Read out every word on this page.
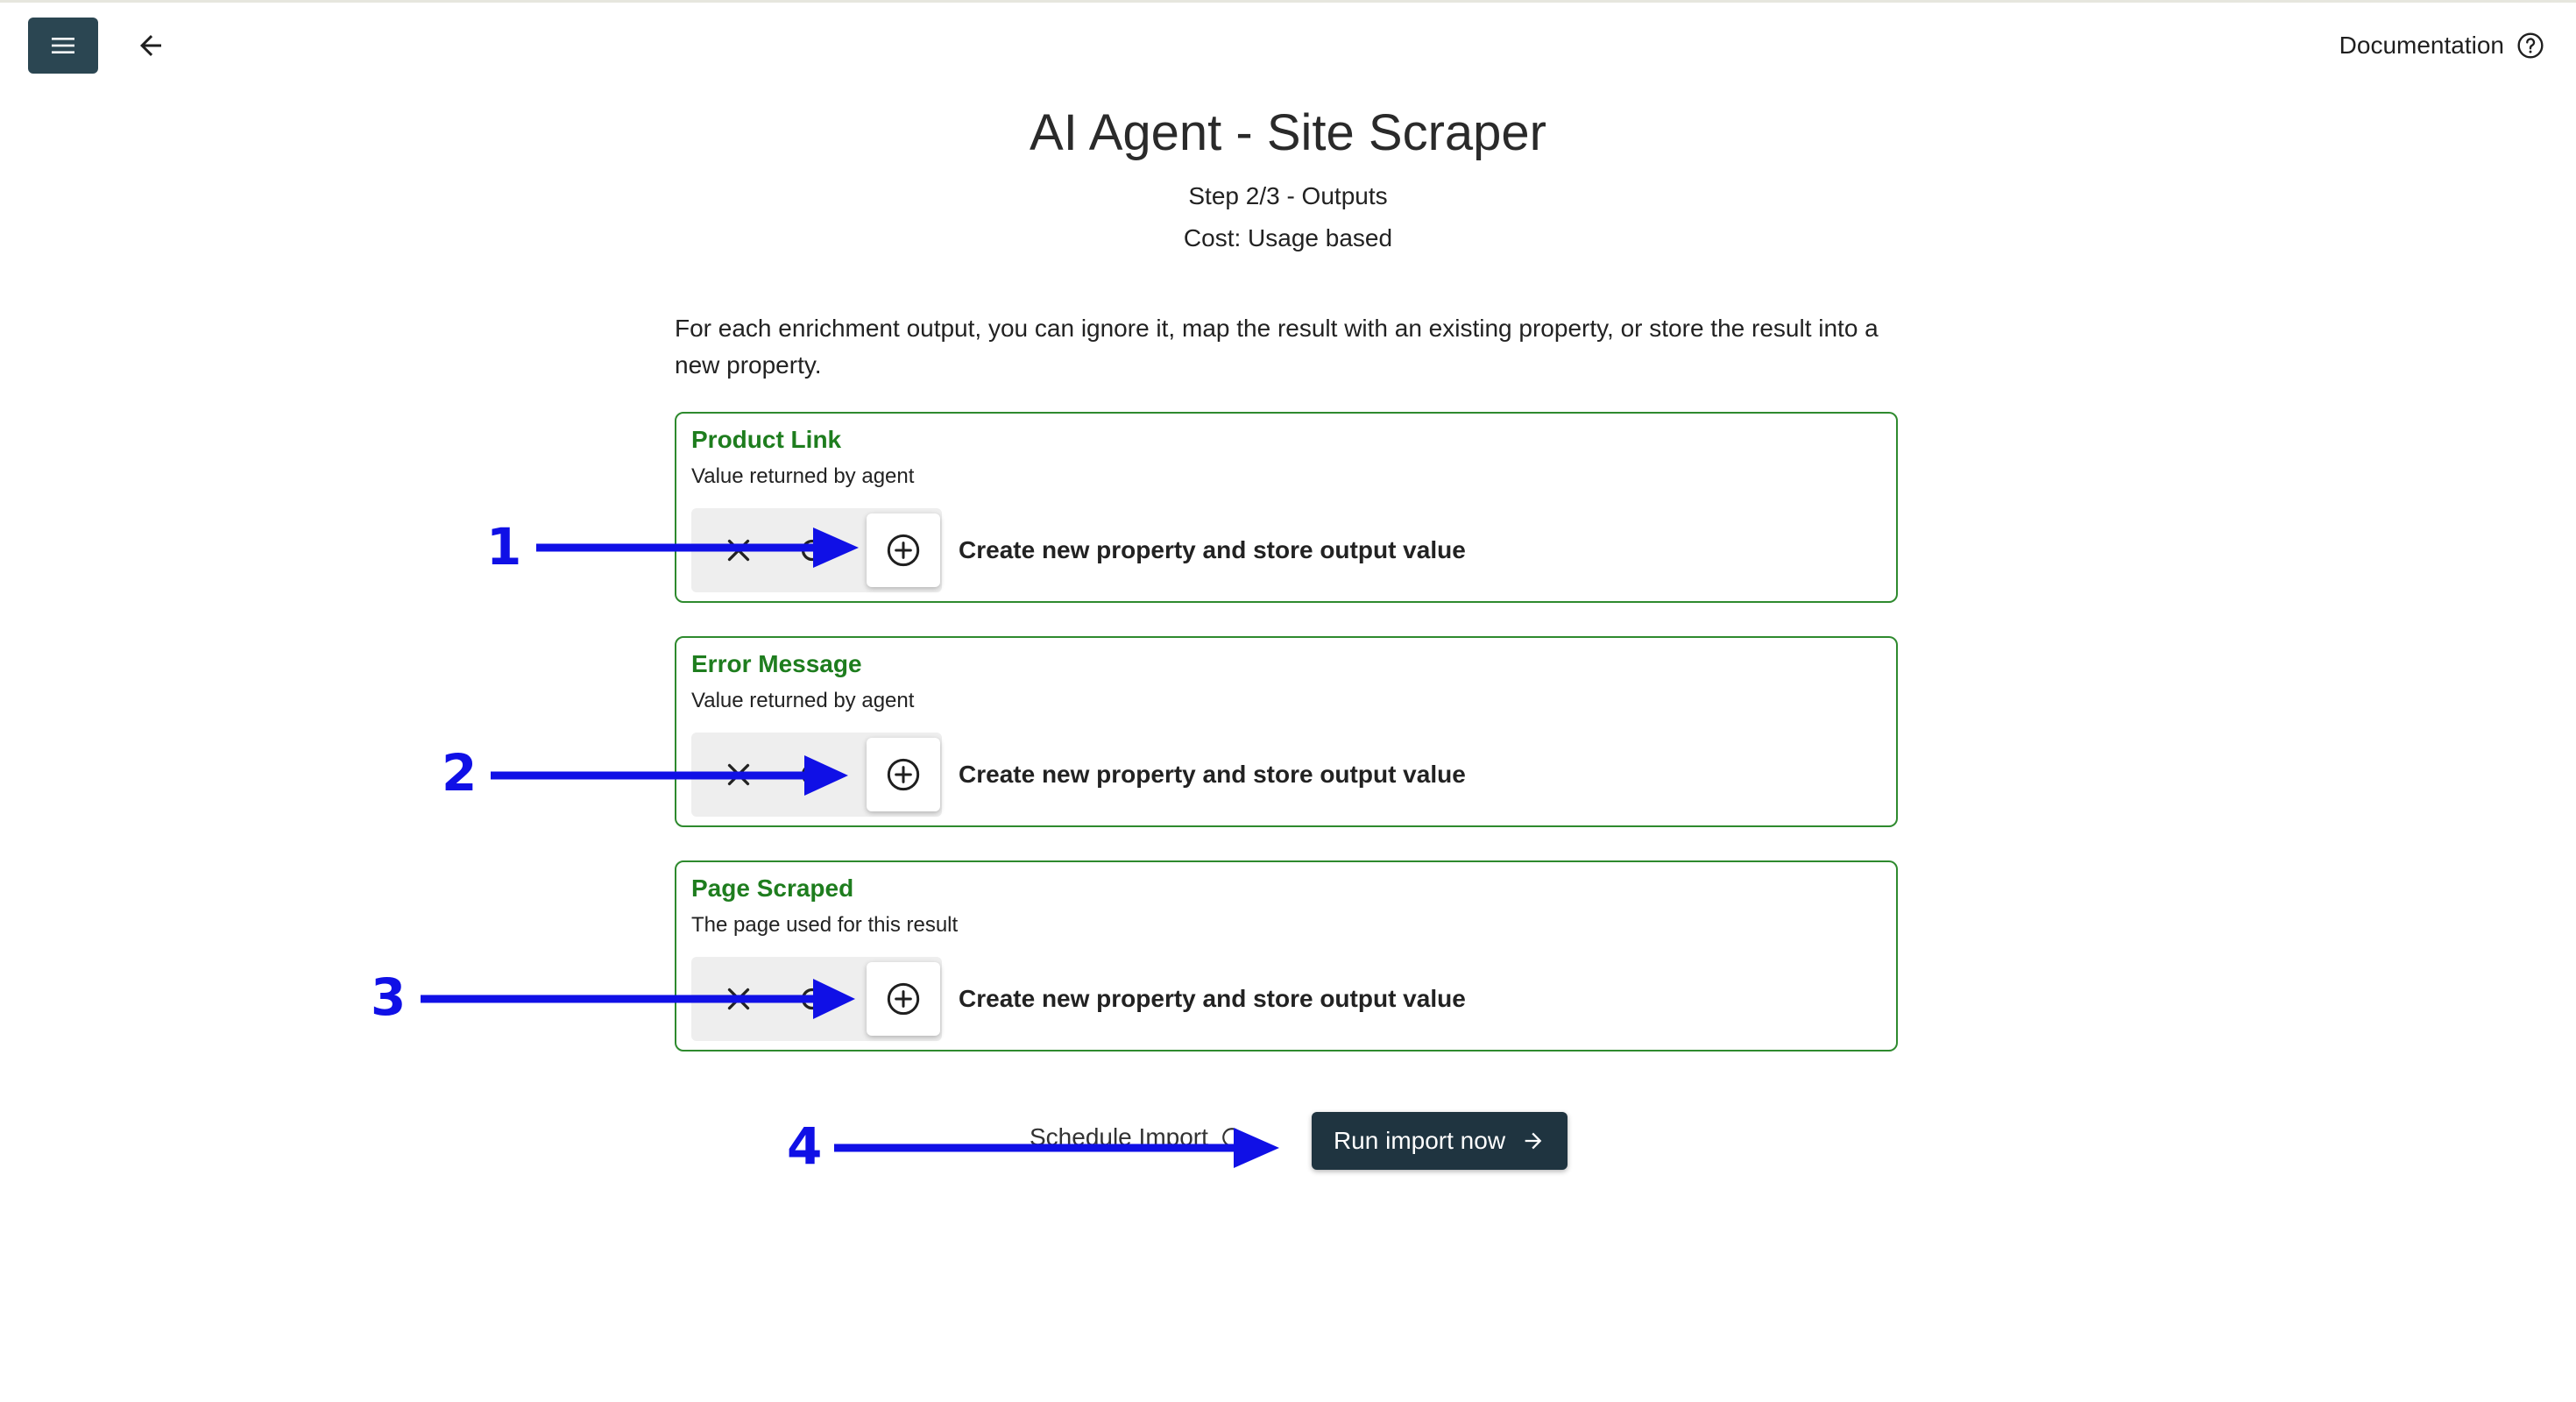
Documentation
AI Agent - Site Scraper
Step 2/3 - Outputs
Cost: Usage based
For each enrichment output, you can ignore it, map the result with an existing property, or store the result into a new property.
Product Link
Value returned by agent
Create new property and store output value
Error Message
Value returned by agent
Create new property and store output value
Page Scraped
The page used for this result
Create new property and store output value
Schedule Import	Run import now
1
2
3
4
